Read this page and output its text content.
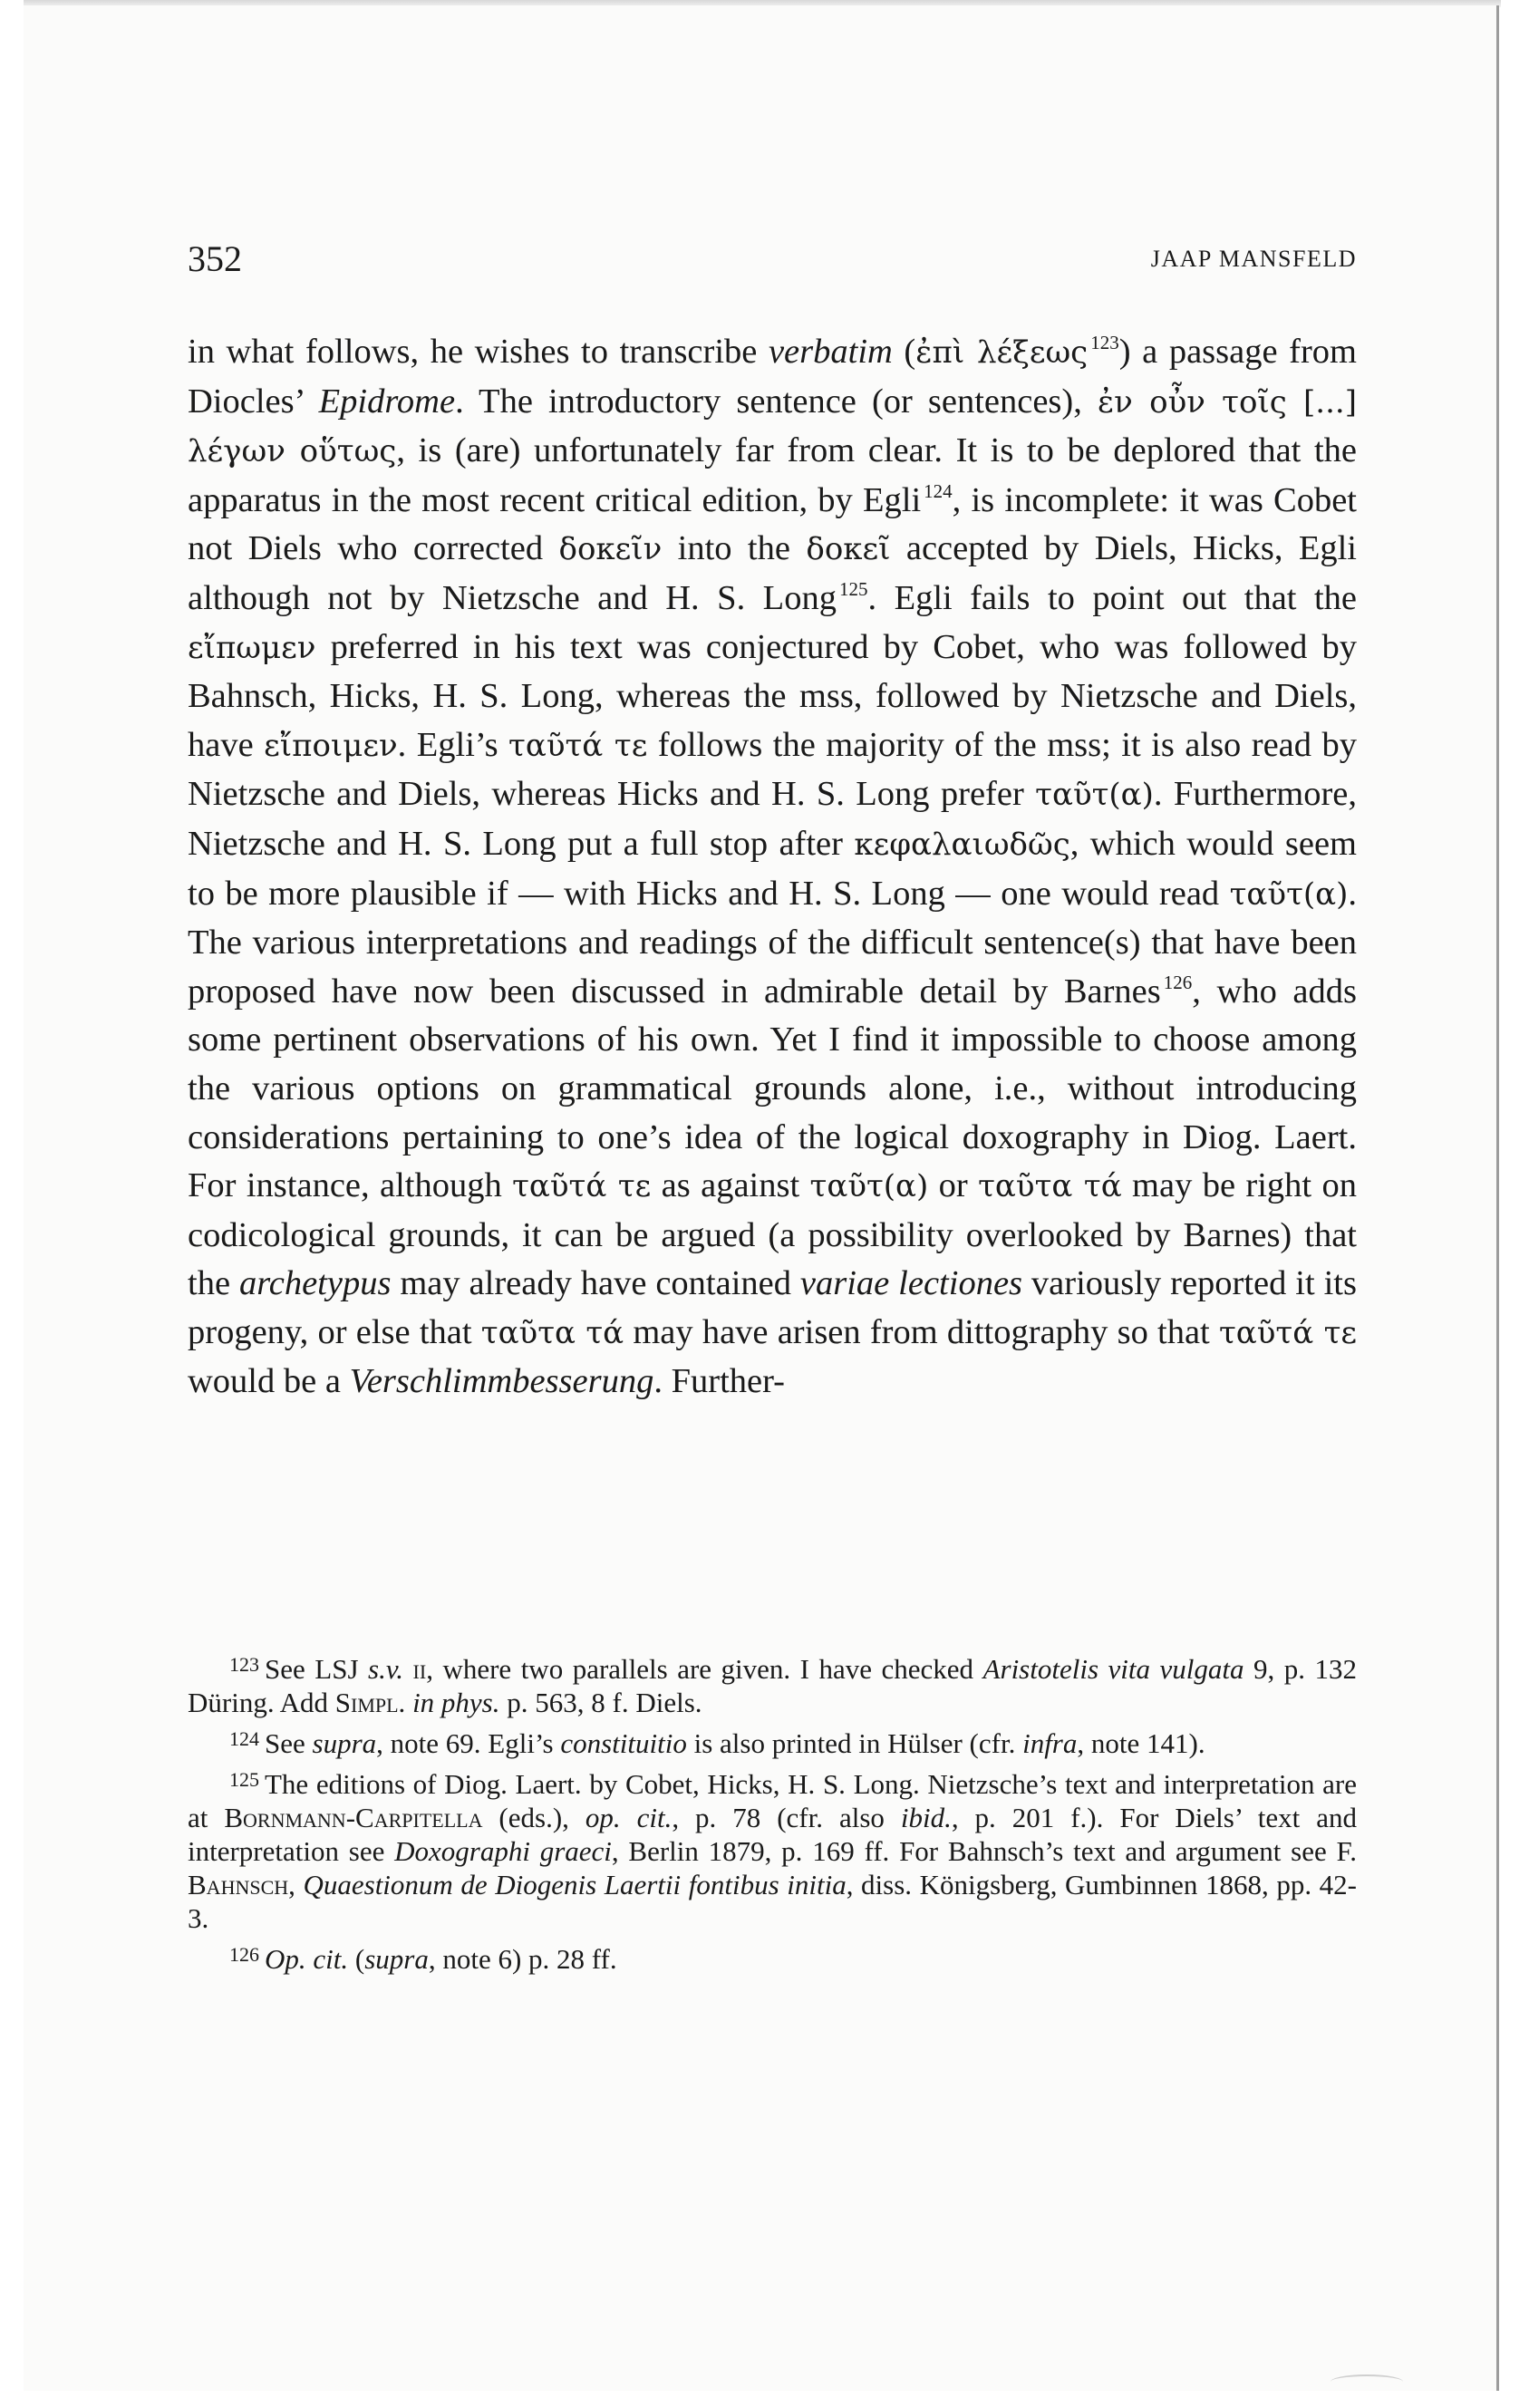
352	JAAP MANSFELD

in what follows, he wishes to transcribe verbatim (ἐπὶ λέξεως $^{123}$) a passage from Diocles’ Epidrome. The introductory sentence (or sentences), ἐν οὖν τοῖς [...] λέγων οὕτως, is (are) unfortunately far from clear. It is to be deplored that the apparatus in the most recent critical edition, by Egli $^{124}$, is incomplete: it was Cobet not Diels who corrected δοκεῖν into the δοκεῖ accepted by Diels, Hicks, Egli although not by Nietzsche and H. S. Long $^{125}$. Egli fails to point out that the εἴπωμεν preferred in his text was conjectured by Cobet, who was followed by Bahnsch, Hicks, H. S. Long, whereas the mss, followed by Nietzsche and Diels, have εἴποιμεν. Egli’s ταῦτά τε follows the majority of the mss; it is also read by Nietzsche and Diels, whereas Hicks and H. S. Long prefer ταῦτ(α). Furthermore, Nietzsche and H. S. Long put a full stop after κεφαλαιωδῶς, which would seem to be more plausible if — with Hicks and H. S. Long — one would read ταῦτ(α). The various interpretations and readings of the difficult sentence(s) that have been proposed have now been discussed in admirable detail by Barnes $^{126}$, who adds some pertinent observations of his own. Yet I find it impossible to choose among the various options on grammatical grounds alone, i.e., without introducing considerations pertaining to one’s idea of the logical doxography in Diog. Laert. For instance, although ταῦτά τε as against ταῦτ(α) or ταῦτα τά may be right on codicological grounds, it can be argued (a possibility overlooked by Barnes) that the archetypus may already have contained variae lectiones variously reported it its progeny, or else that ταῦτα τά may have arisen from dittography so that ταῦτά τε would be a Verschlimmbesserung. Further-

$^{123}$ See LSJ s.v. ii, where two parallels are given. I have checked Aristotelis vita vulgata 9, p. 132 Düring. Add Simpl. in phys. p. 563, 8 f. Diels.

$^{124}$ See supra, note 69. Egli’s constituitio is also printed in Hülser (cfr. infra, note 141).

$^{125}$ The editions of Diog. Laert. by Cobet, Hicks, H. S. Long. Nietzsche’s text and interpretation are at Bornmann-Carpitella (eds.), op. cit., p. 78 (cfr. also ibid., p. 201 f.). For Diels’ text and interpretation see Doxographi graeci, Berlin 1879, p. 169 ff. For Bahnsch’s text and argument see F. Bahnsch, Quaestionum de Diogenis Laertii fontibus initia, diss. Königsberg, Gumbinnen 1868, pp. 42-3.

$^{126}$ Op. cit. (supra, note 6) p. 28 ff.
